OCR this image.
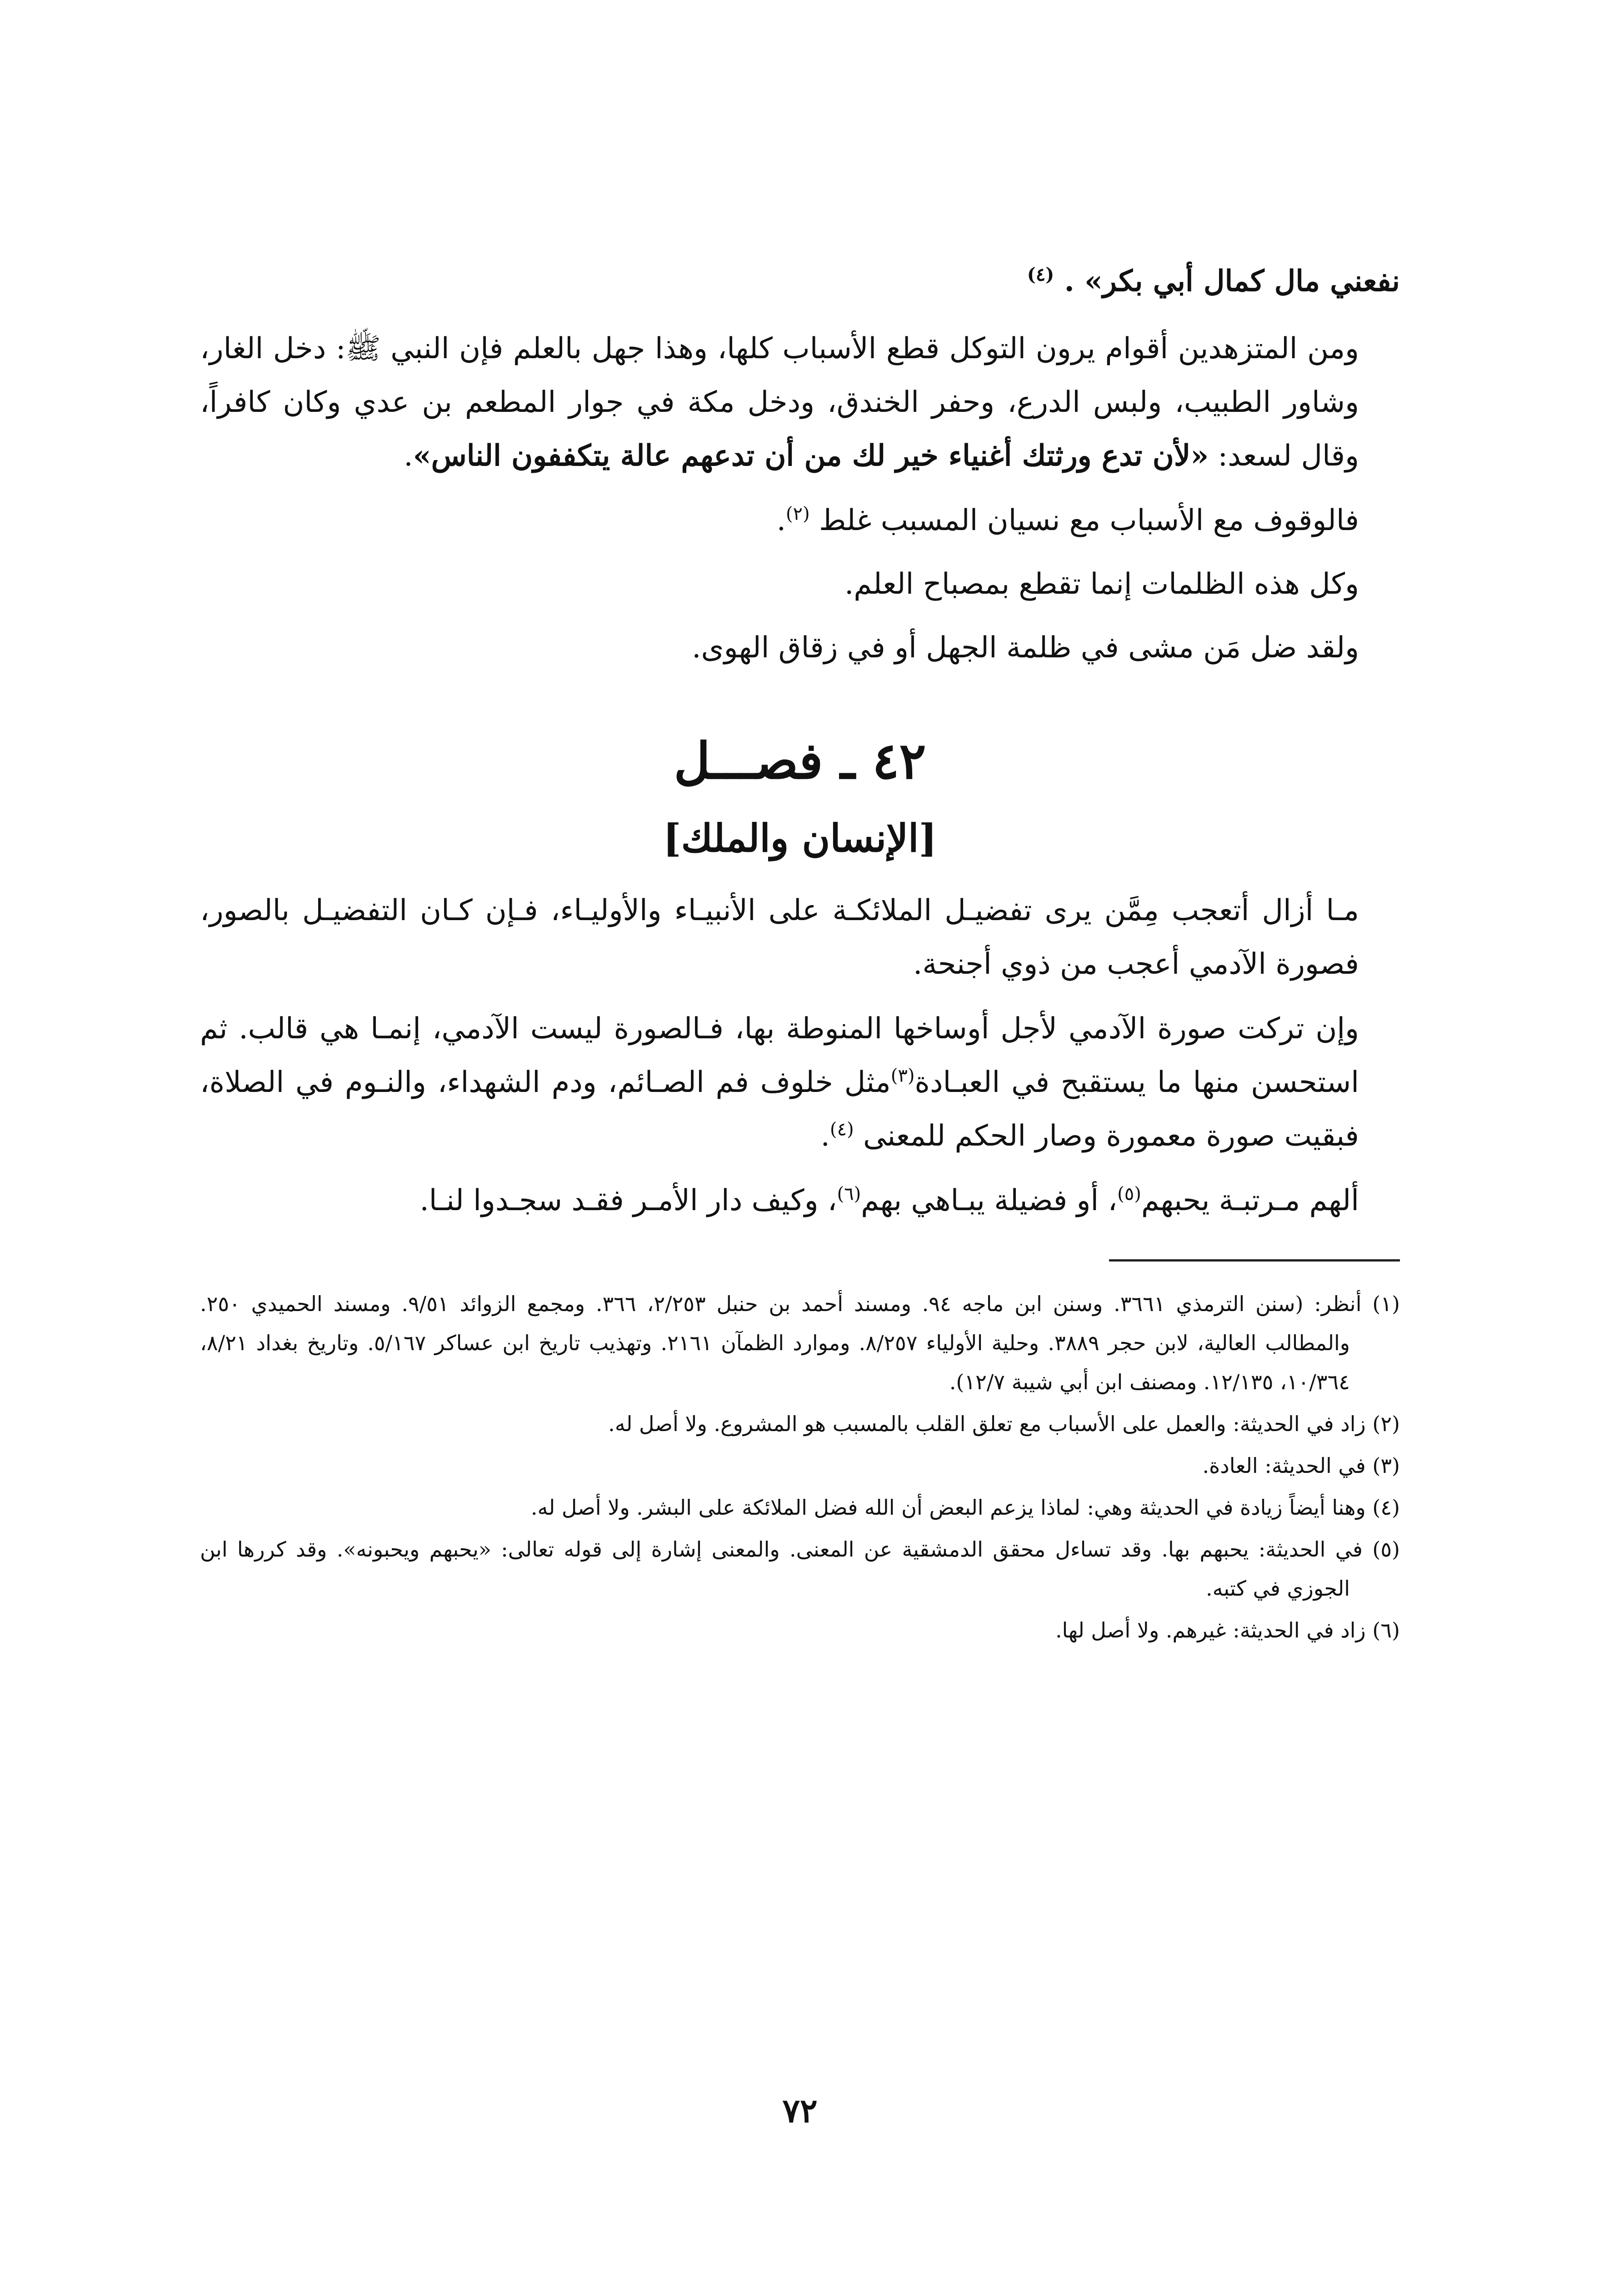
نفعني مال كمال أبي بكر» . $^{(٤)}$

ومن المتزهدين أقوام يرون التوكل قطع الأسباب كلها، وهذا جهل بالعلم فإن النبي ﷺ: دخل الغار، وشاور الطبيب، ولبس الدرع، وحفر الخندق، ودخل مكة في جوار المطعم بن عدي وكان كافراً، وقال لسعد: «لأن تدع ورثتك أغنياء خير لك من أن تدعهم عالة يتكففون الناس».

فالوقوف مع الأسباب مع نسيان المسبب غلط $^{(٢)}$.

وكل هذه الظلمات إنما تقطع بمصباح العلم.

ولقد ضل مَن مشى في ظلمة الجهل أو في زقاق الهوى.

٤٢ ـ فصـــل
[الإنسان والملك]

مـا أزال أتعجب مِمَّن يرى تفضيـل الملائكـة على الأنبيـاء والأوليـاء، فـإن كـان التفضيـل بالصور، فصورة الآدمي أعجب من ذوي أجنحة.

وإن تركت صورة الآدمي لأجل أوساخها المنوطة بها، فـالصورة ليست الآدمي، إنمـا هي قالب. ثم استحسن منها ما يستقبح في العبـادة$^{(٣)}$مثل خلوف فم الصـائم، ودم الشهداء، والنـوم في الصلاة، فبقيت صورة معمورة وصار الحكم للمعنى $^{(٤)}$.

ألهم مـرتبـة يحبهم$^{(٥)}$، أو فضيلة يبـاهي بهم$^{(٦)}$، وكيف دار الأمـر فقـد سجـدوا لنـا.

(١) أنظر: (سنن الترمذي ٣٦٦١. وسنن ابن ماجه ٩٤. ومسند أحمد بن حنبل ٢/٢٥٣، ٣٦٦. ومجمع الزوائد ٩/٥١. ومسند الحميدي ٢٥٠. والمطالب العالية، لابن حجر ٣٨٨٩. وحلية الأولياء ٨/٢٥٧. وموارد الظمآن ٢١٦١. وتهذيب تاريخ ابن عساكر ٥/١٦٧. وتاريخ بغداد ٨/٢١، ١٠/٣٦٤، ١٢/١٣٥. ومصنف ابن أبي شيبة ١٢/٧).

(٢) زاد في الحديثة: والعمل على الأسباب مع تعلق القلب بالمسبب هو المشروع. ولا أصل له.

(٣) في الحديثة: العادة.

(٤) وهنا أيضاً زيادة في الحديثة وهي: لماذا يزعم البعض أن الله فضل الملائكة على البشر. ولا أصل له.

(٥) في الحديثة: يحبهم بها. وقد تساءل محقق الدمشقية عن المعنى. والمعنى إشارة إلى قوله تعالى: «يحبهم ويحبونه». وقد كررها ابن الجوزي في كتبه.

(٦) زاد في الحديثة: غيرهم. ولا أصل لها.

٧٢
